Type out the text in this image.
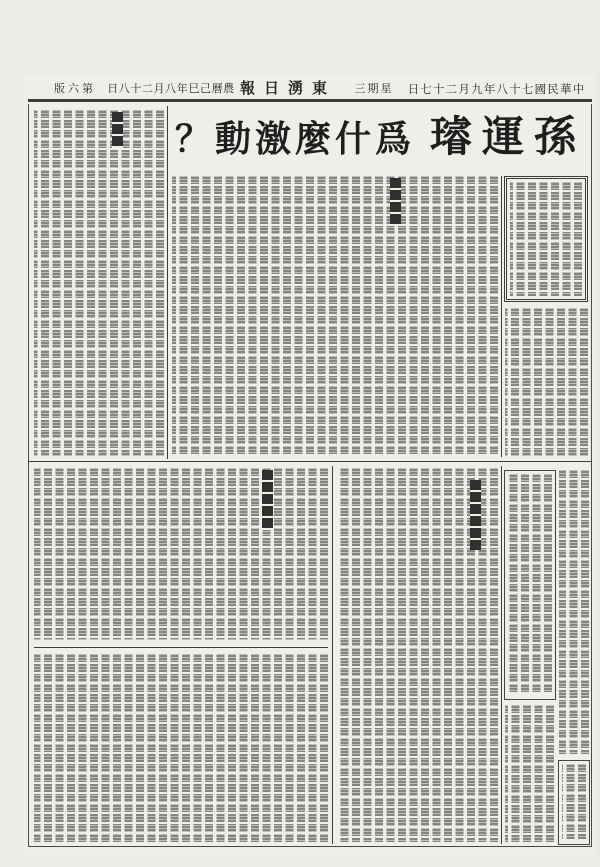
中華民國七十八年九月二十七日
星期三
東湧日報
農曆己巳年八月二十八日
第六版
爲什麼激動？ 孫運璿
